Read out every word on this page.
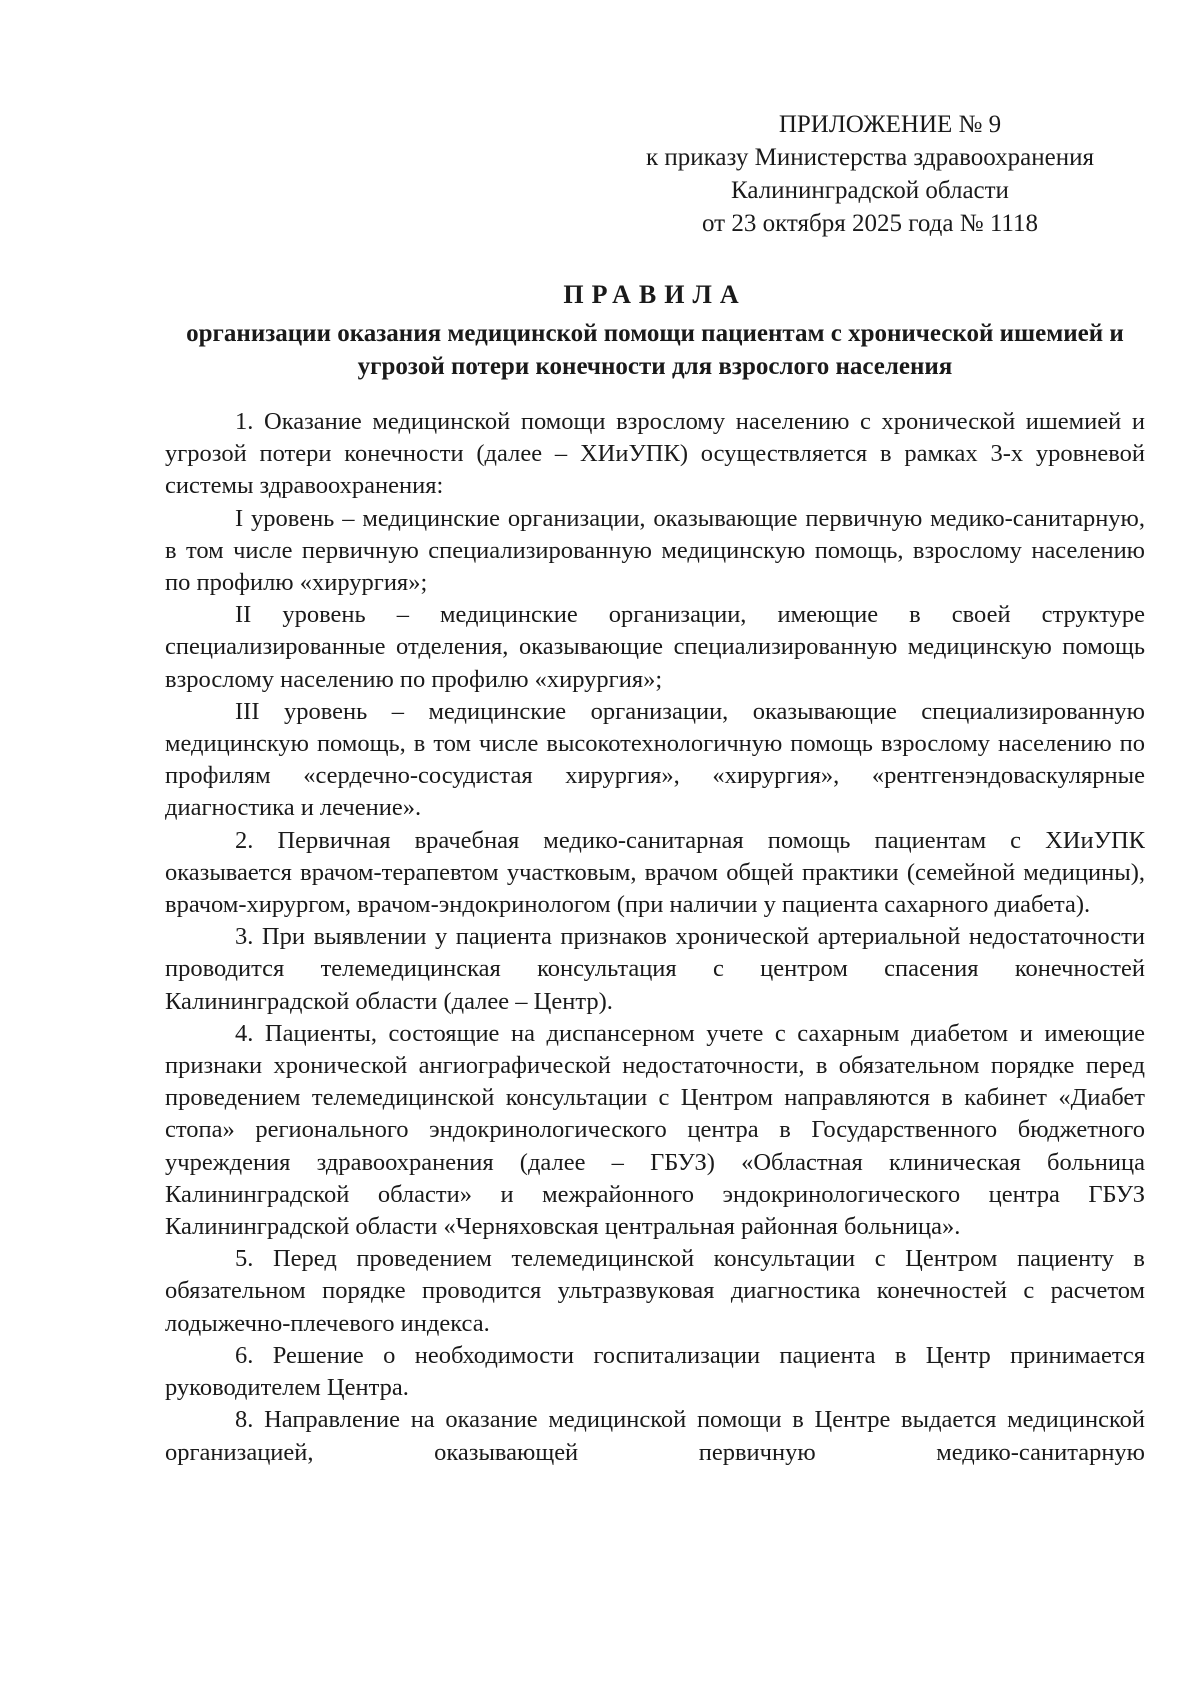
ПРИЛОЖЕНИЕ № 9
к приказу Министерства здравоохранения
Калининградской области
от 23 октября 2025 года № 1118
ПРАВИЛА
организации оказания медицинской помощи пациентам с хронической ишемией и угрозой потери конечности для взрослого населения

1. Оказание медицинской помощи взрослому населению с хронической ишемией и угрозой потери конечности (далее – ХИиУПК) осуществляется в рамках 3-х уровневой системы здравоохранения:

I уровень – медицинские организации, оказывающие первичную медико-санитарную, в том числе первичную специализированную медицинскую помощь, взрослому населению по профилю «хирургия»;

II уровень – медицинские организации, имеющие в своей структуре специализированные отделения, оказывающие специализированную медицинскую помощь взрослому населению по профилю «хирургия»;

III уровень – медицинские организации, оказывающие специализированную медицинскую помощь, в том числе высокотехнологичную помощь взрослому населению по профилям «сердечно-сосудистая хирургия», «хирургия», «рентгенэндоваскулярные диагностика и лечение».

2. Первичная врачебная медико-санитарная помощь пациентам с ХИиУПК оказывается врачом-терапевтом участковым, врачом общей практики (семейной медицины), врачом-хирургом, врачом-эндокринологом (при наличии у пациента сахарного диабета).

3. При выявлении у пациента признаков хронической артериальной недостаточности проводится телемедицинская консультация с центром спасения конечностей Калининградской области (далее – Центр).

4. Пациенты, состоящие на диспансерном учете с сахарным диабетом и имеющие признаки хронической ангиографической недостаточности, в обязательном порядке перед проведением телемедицинской консультации с Центром направляются в кабинет «Диабет стопа» регионального эндокринологического центра в Государственного бюджетного учреждения здравоохранения (далее – ГБУЗ) «Областная клиническая больница Калининградской области» и межрайонного эндокринологического центра ГБУЗ Калининградской области «Черняховская центральная районная больница».

5. Перед проведением телемедицинской консультации с Центром пациенту в обязательном порядке проводится ультразвуковая диагностика конечностей с расчетом лодыжечно-плечевого индекса.

6. Решение о необходимости госпитализации пациента в Центр принимается руководителем Центра.

8. Направление на оказание медицинской помощи в Центре выдается медицинской организацией, оказывающей первичную медико-санитарную
